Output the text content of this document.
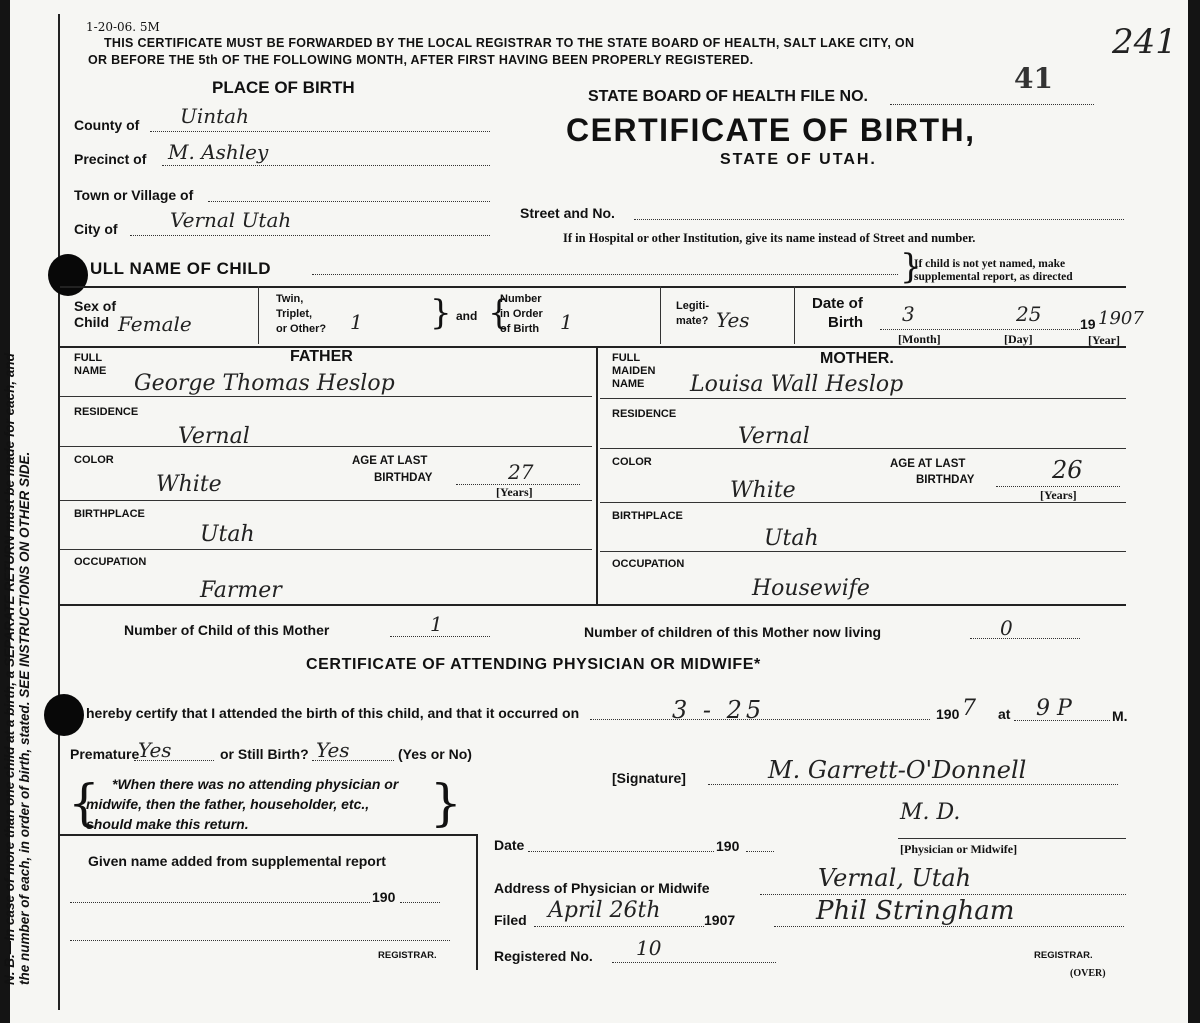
N. B.—In case of more than one child at a birth, a SEPARATE RETURN must be made for each, and the number of each, in order of birth, stated. SEE INSTRUCTIONS ON OTHER SIDE.
1-20-06. 5M
THIS CERTIFICATE MUST BE FORWARDED BY THE LOCAL REGISTRAR TO THE STATE BOARD OF HEALTH, SALT LAKE CITY, ON
OR BEFORE THE 5th OF THE FOLLOWING MONTH, AFTER FIRST HAVING BEEN PROPERLY REGISTERED.	241
PLACE OF BIRTH	STATE BOARD OF HEALTH FILE NO.
41
CERTIFICATE OF BIRTH,
STATE OF UTAH.
County of Uintah
Precinct of M. Ashley
Town or Village of
City of	Vernal Utah	Street and No.
If in Hospital or other Institution, give its name instead of Street and number.
ULL NAME OF CHILD	}
If child is not yet named, make
supplemental report, as directed
Sex of
Child Female
Twin,
Triplet,
or Other? 1 } and {
Number
in Order
of Birth 1
Legiti-
mate? Yes
Date of
Birth 3	25	19 1907
[Month]	[Day]	[Year]
FATHER
FULL
NAME George Thomas Heslop
RESIDENCE
Vernal
COLOR
White
AGE AT LAST
BIRTHDAY	27
[Years]
BIRTHPLACE
Utah
OCCUPATION
Farmer
MOTHER.
FULL
MAIDEN
NAME Louisa Wall Heslop
RESIDENCE
Vernal
COLOR
White
AGE AT LAST
BIRTHDAY	26
[Years]
BIRTHPLACE
Utah
OCCUPATION
Housewife
Number of Child of this Mother	1	Number of children of this Mother now living	0
CERTIFICATE OF ATTENDING PHYSICIAN OR MIDWIFE*
hereby certify that I attended the birth of this child, and that it occurred on	3 - 25	190 7 at 9 P	M.
Premature
Yes	or Still Birth? Yes	(Yes or No)
{ *When there was no attending physician or
midwife, then the father, householder, etc.,
should make this return.	}	[Signature]	M. Garrett-O'Donnell
M. D.
Given name added from supplemental report
190
REGISTRAR.
Date	190	[Physician or Midwife]
Address of Physician or Midwife	Vernal, Utah
Filed April 26th	1907	Phil Stringham
REGISTRAR.
Registered No. 10
(OVER)
